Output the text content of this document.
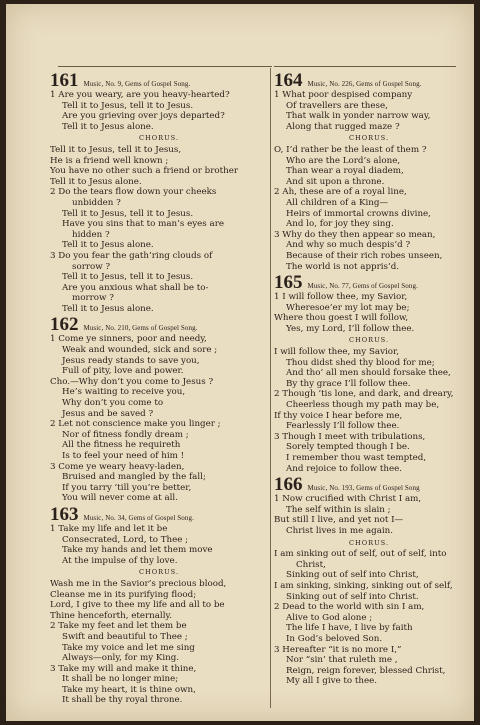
161 Music, No. 9, Gems of Gospel Song.
1 Are you weary, are you heavy-hearted?
Tell it to Jesus, tell it to Jesus.
Are you grieving over joys departed?
Tell it to Jesus alone.
CHORUS.
Tell it to Jesus, tell it to Jesus,
He is a friend well known ;
You have no other such a friend or brother
Tell it to Jesus alone.
2 Do the tears flow down your cheeks
unbidden ?
Tell it to Jesus, tell it to Jesus.
Have you sins that to man’s eyes are
hidden ?
Tell it to Jesus alone.
3 Do you fear the gath’ring clouds of
sorrow ?
Tell it to Jesus, tell it to Jesus.
Are you anxious what shall be to-
morrow ?
Tell it to Jesus alone.
162 Music, No. 210, Gems of Gospel Song.
1 Come ye sinners, poor and needy,
Weak and wounded, sick and sore ;
Jesus ready stands to save you,
Full of pity, love and power.
Cho.—Why don’t you come to Jesus ?
He’s waiting to receive you,
Why don’t you come to
Jesus and be saved ?
2 Let not conscience make you linger ;
Nor of fitness fondly dream ;
All the fitness he requireth
Is to feel your need of him !
3 Come ye weary heavy-laden,
Bruised and mangled by the fall;
If you tarry ’till you’re better,
You will never come at all.
163 Music, No. 34, Gems of Gospel Song.
1 Take my life and let it be
Consecrated, Lord, to Thee ;
Take my hands and let them move
At the impulse of thy love.
CHORUS.
Wash me in the Savior’s precious blood,
Cleanse me in its purifying flood;
Lord, I give to thee my life and all to be
Thine henceforth, eternally.
2 Take my feet and let them be
Swift and beautiful to Thee ;
Take my voice and let me sing
Always—only, for my King.
3 Take my will and make it thine,
It shall be no longer mine;
Take my heart, it is thine own,
It shall be thy royal throne.
164 Music, No. 226, Gems of Gospel Song.
1 What poor despised company
Of travellers are these,
That walk in yonder narrow way,
Along that rugged maze ?
CHORUS.
O, I’d rather be the least of them ?
Who are the Lord’s alone,
Than wear a royal diadem,
And sit upon a throne.
2 Ah, these are of a royal line,
All children of a King—
Heirs of immortal crowns divine,
And lo, for joy they sing.
3 Why do they then appear so mean,
And why so much despis’d ?
Because of their rich robes unseen,
The world is not appris’d.
165 Music, No. 77, Gems of Gospel Song.
1 I will follow thee, my Savior,
Wheresoe’er my lot may be;
Where thou goest I will follow,
Yes, my Lord, I’ll follow thee.
CHORUS.
I will follow thee, my Savior,
Thou didst shed thy blood for me;
And tho’ all men should forsake thee,
By thy grace I’ll follow thee.
2 Though ’tis lone, and dark, and dreary,
Cheerless though my path may be,
If thy voice I hear before me,
Fearlessly I’ll follow thee.
3 Though I meet with tribulations,
Sorely tempted though I be.
I remember thou wast tempted,
And rejoice to follow thee.
166 Music, No. 193, Gems of Gospel Song
1 Now crucified with Christ I am,
The self within is slain ;
But still I live, and yet not I—
Christ lives in me again.
CHORUS.
I am sinking out of self, out of self, into
Christ,
Sinking out of self into Christ,
I am sinking, sinking, sinking out of self,
Sinking out of self into Christ.
2 Dead to the world with sin I am,
Alive to God alone ;
The life I have, I live by faith
In God’s beloved Son.
3 Hereafter “it is no more I,”
Nor “sin’ that ruleth me ,
Reign, reign forever, blessed Christ,
My all I give to thee.
